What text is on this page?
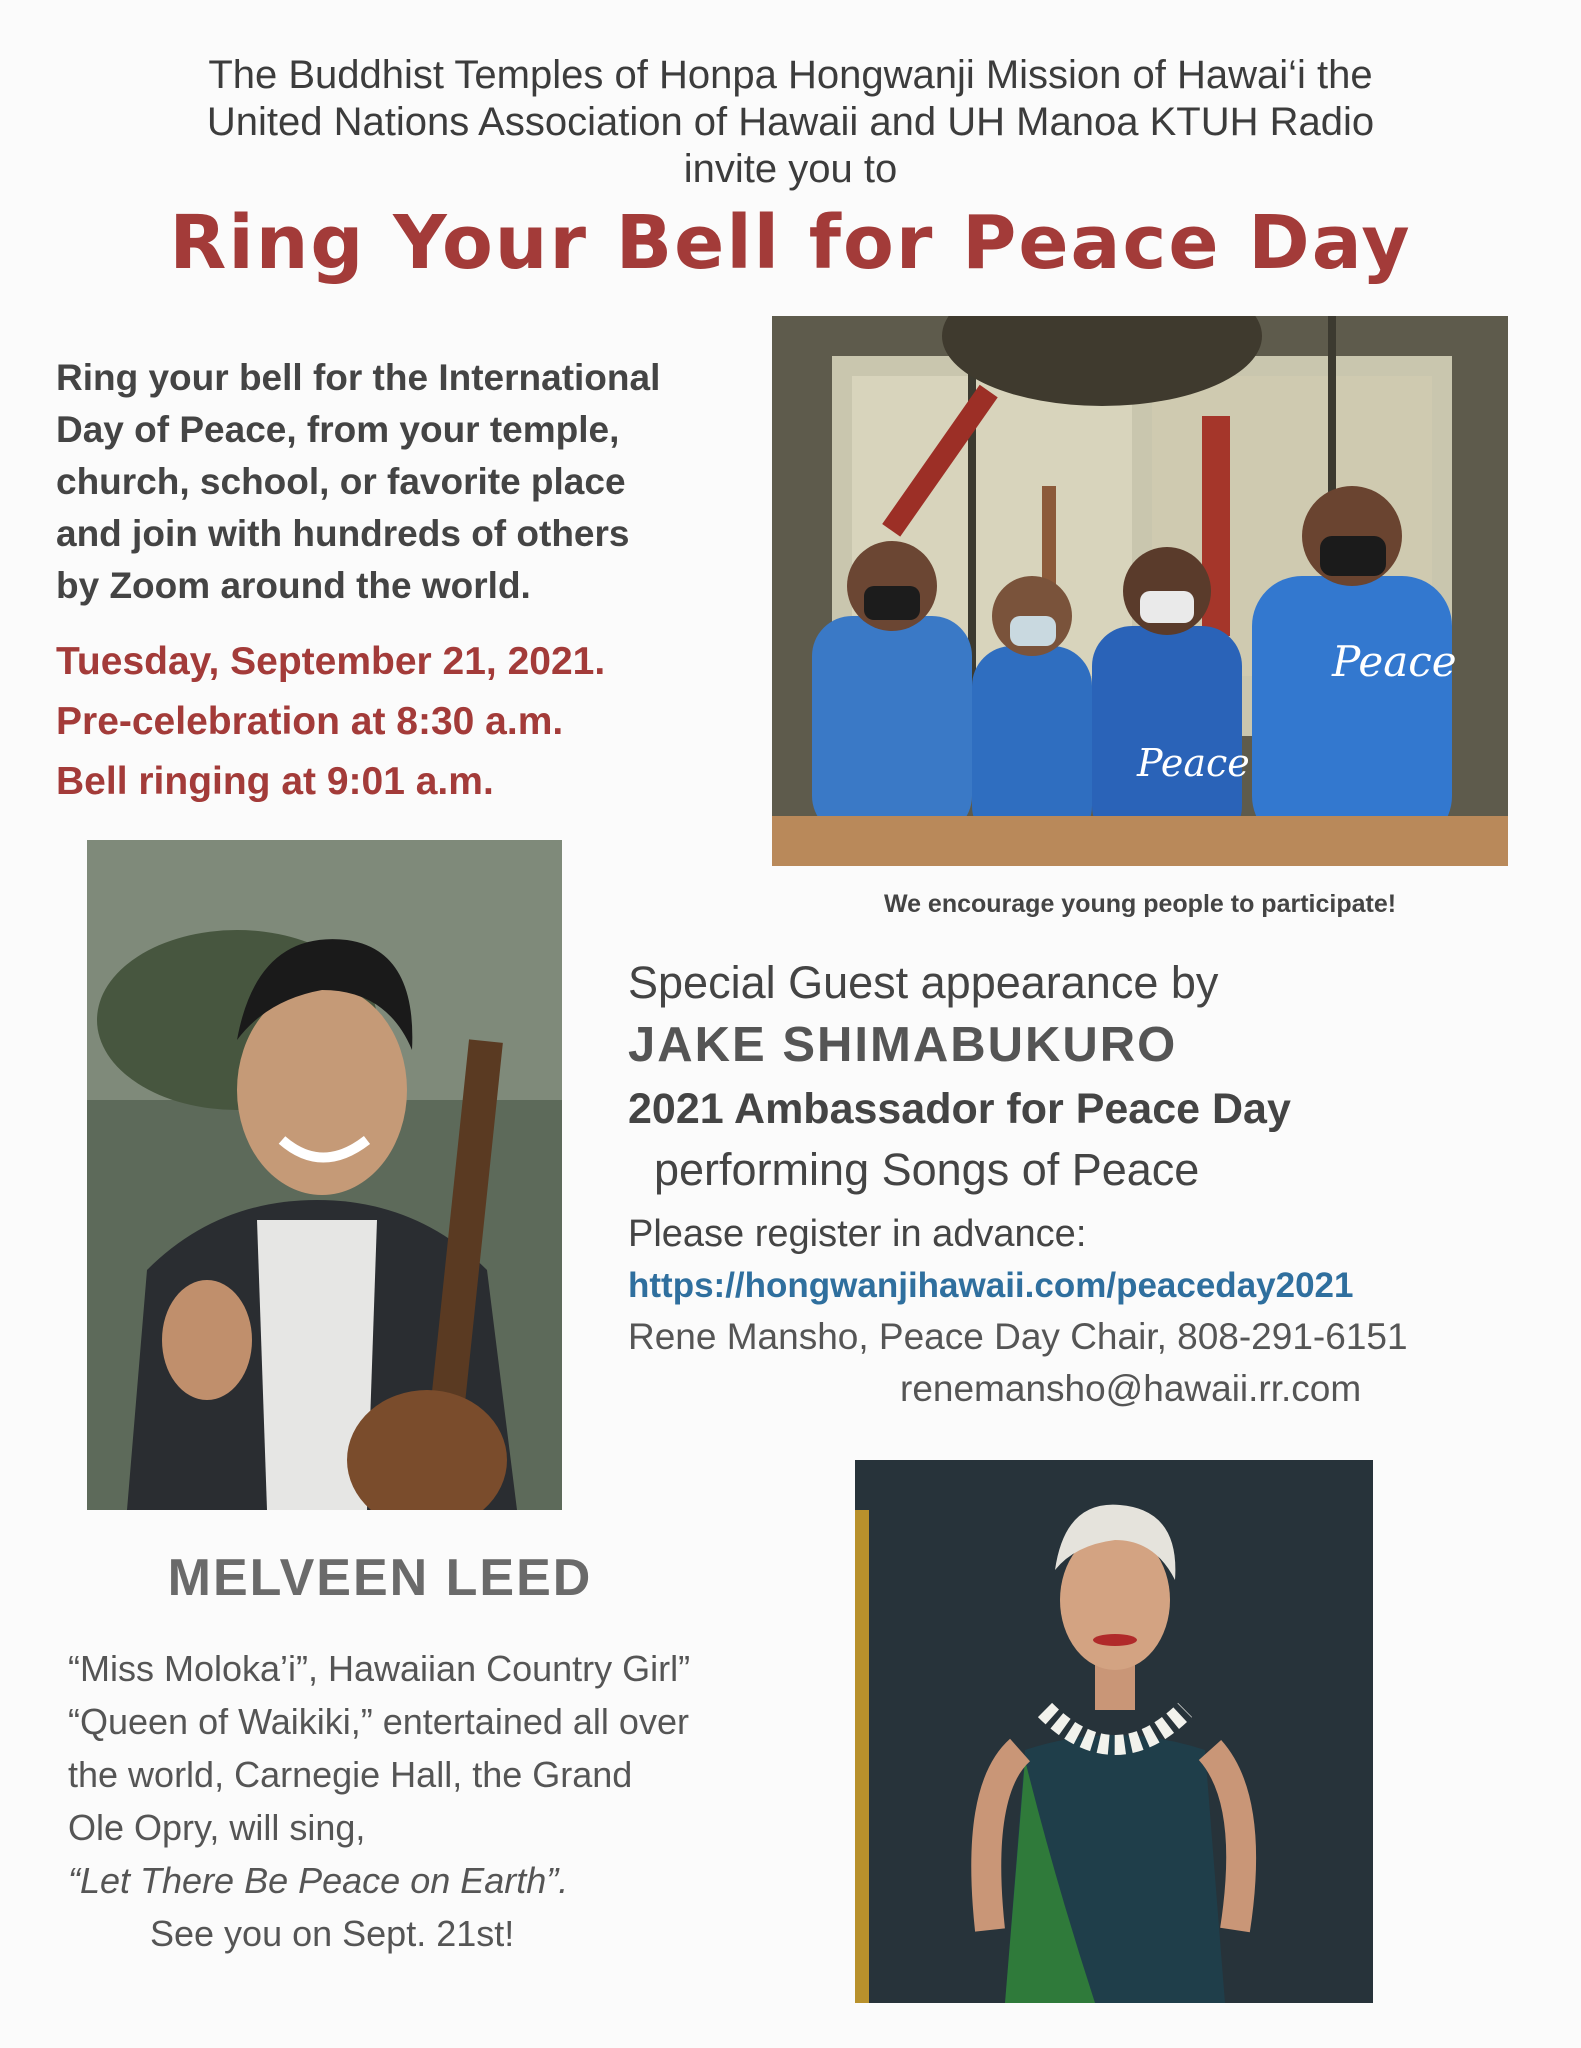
The Buddhist Temples of Honpa Hongwanji Mission of Hawai‘i the
United Nations Association of Hawaii and UH Manoa KTUH Radio
invite you to
Ring Your Bell for Peace Day
Ring your bell for the International
Day of Peace, from your temple,
church, school, or favorite place
and join with hundreds of others
by Zoom around the world.
Tuesday, September 21, 2021.
Pre-celebration at 8:30 a.m.
Bell ringing at 9:01 a.m.	Peace
Peace
We encourage young people to participate!
Special Guest appearance by
JAKE SHIMABUKURO
2021 Ambassador for Peace Day
performing Songs of Peace
Please register in advance:
https://hongwanjihawaii.com/peaceday2021
Rene Mansho, Peace Day Chair, 808-291-6151
renemansho@hawaii.rr.com
MELVEEN LEED
“Miss Moloka’i”, Hawaiian Country Girl”
“Queen of Waikiki,” entertained all over
the world, Carnegie Hall, the Grand
Ole Opry, will sing,
“Let There Be Peace on Earth”.
See you on Sept. 21st!
